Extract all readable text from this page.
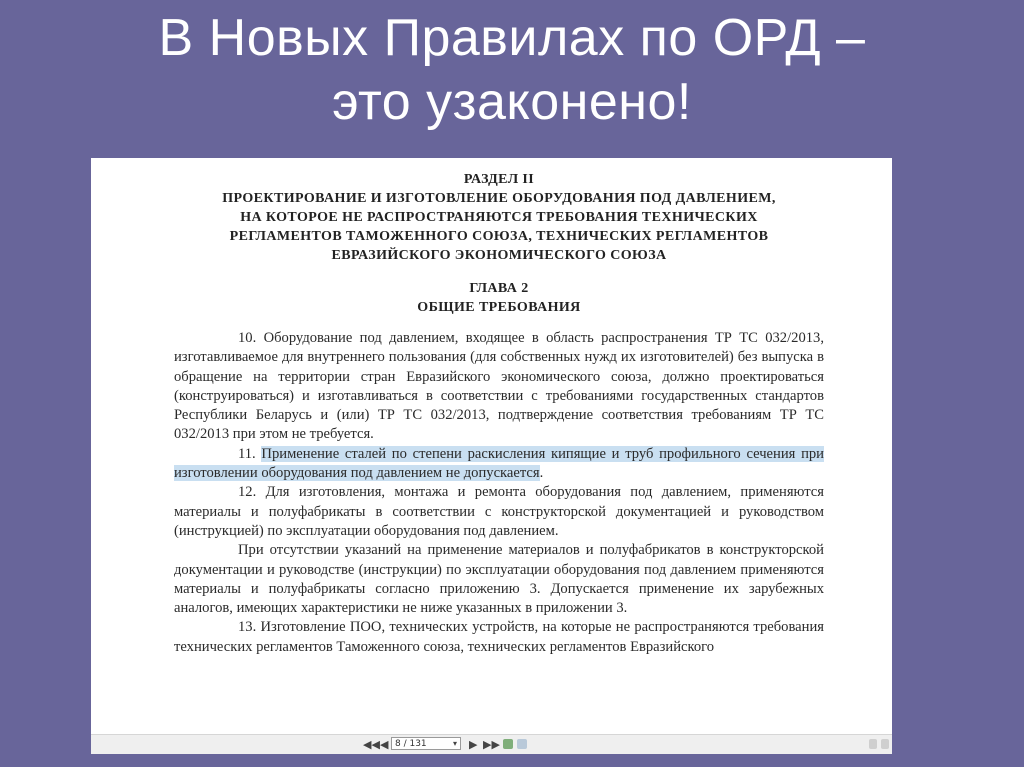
В Новых Правилах по ОРД –
это узаконено!
РАЗДЕЛ II
ПРОЕКТИРОВАНИЕ И ИЗГОТОВЛЕНИЕ ОБОРУДОВАНИЯ ПОД ДАВЛЕНИЕМ,
НА КОТОРОЕ НЕ РАСПРОСТРАНЯЮТСЯ ТРЕБОВАНИЯ ТЕХНИЧЕСКИХ
РЕГЛАМЕНТОВ ТАМОЖЕННОГО СОЮЗА, ТЕХНИЧЕСКИХ РЕГЛАМЕНТОВ
ЕВРАЗИЙСКОГО ЭКОНОМИЧЕСКОГО СОЮЗА
ГЛАВА 2
ОБЩИЕ ТРЕБОВАНИЯ

10. Оборудование под давлением, входящее в область распространения ТР ТС 032/2013, изготавливаемое для внутреннего пользования (для собственных нужд их изготовителей) без выпуска в обращение на территории стран Евразийского экономического союза, должно проектироваться (конструироваться) и изготавливаться в соответствии с требованиями государственных стандартов Республики Беларусь и (или) ТР ТС 032/2013, подтверждение соответствия требованиям ТР ТС 032/2013 при этом не требуется.

11. Применение сталей по степени раскисления кипящие и труб профильного сечения при изготовлении оборудования под давлением не допускается.

12. Для изготовления, монтажа и ремонта оборудования под давлением, применяются материалы и полуфабрикаты в соответствии с конструкторской документацией и руководством (инструкцией) по эксплуатации оборудования под давлением.

При отсутствии указаний на применение материалов и полуфабрикатов в конструкторской документации и руководстве (инструкции) по эксплуатации оборудования под давлением применяются материалы и полуфабрикаты согласно приложению 3. Допускается применение их зарубежных аналогов, имеющих характеристики не ниже указанных в приложении 3.

13. Изготовление ПОО, технических устройств, на которые не распространяются требования технических регламентов Таможенного союза, технических регламентов Евразийского

◀◀ ◀ 8 / 131	▾ ▶ ▶▶
